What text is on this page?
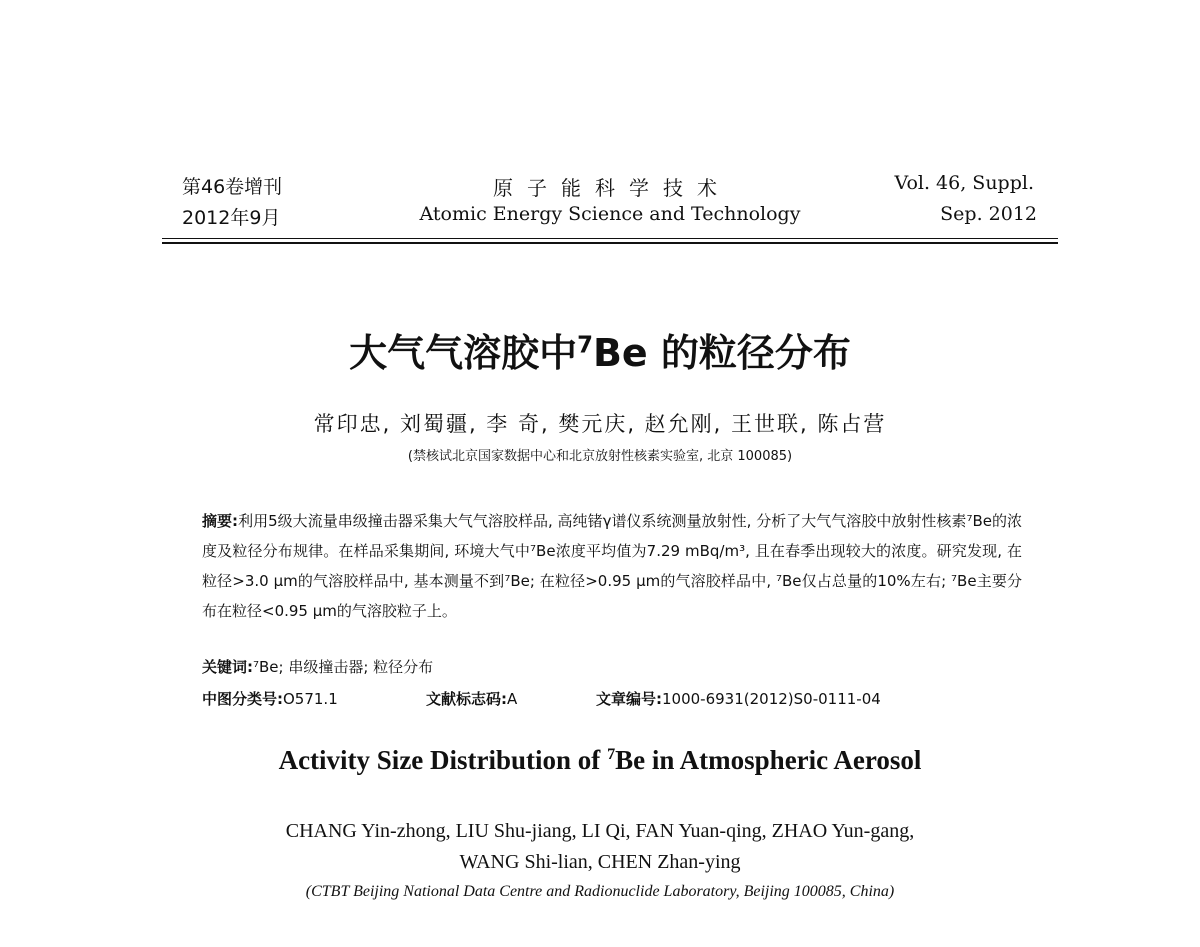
第46卷增刊
2012年9月
原子能科学技术
Atomic Energy Science and Technology
Vol. 46, Suppl.
Sep. 2012
大气气溶胶中$^7$Be 的粒径分布
常印忠, 刘蜀疆, 李 奇, 樊元庆, 赵允刚, 王世联, 陈占营
(禁核试北京国家数据中心和北京放射性核素实验室, 北京 100085)
摘要:利用5级大流量串级撞击器采集大气气溶胶样品, 高纯锗γ谱仪系统测量放射性, 分析了大气气溶胶中放射性核素⁷Be的浓度及粒径分布规律。在样品采集期间, 环境大气中⁷Be浓度平均值为7.29 mBq/m³, 且在春季出现较大的浓度。研究发现, 在粒径>3.0 μm的气溶胶样品中, 基本测量不到⁷Be; 在粒径>0.95 μm的气溶胶样品中, ⁷Be仅占总量的10%左右; ⁷Be主要分布在粒径<0.95 μm的气溶胶粒子上。
关键词:⁷Be; 串级撞击器; 粒径分布
中图分类号:O571.1	文献标志码:A	文章编号:1000-6931(2012)S0-0111-04
Activity Size Distribution of $^7$Be in Atmospheric Aerosol
CHANG Yin-zhong, LIU Shu-jiang, LI Qi, FAN Yuan-qing, ZHAO Yun-gang,
WANG Shi-lian, CHEN Zhan-ying
(CTBT Beijing National Data Centre and Radionuclide Laboratory, Beijing 100085, China)
